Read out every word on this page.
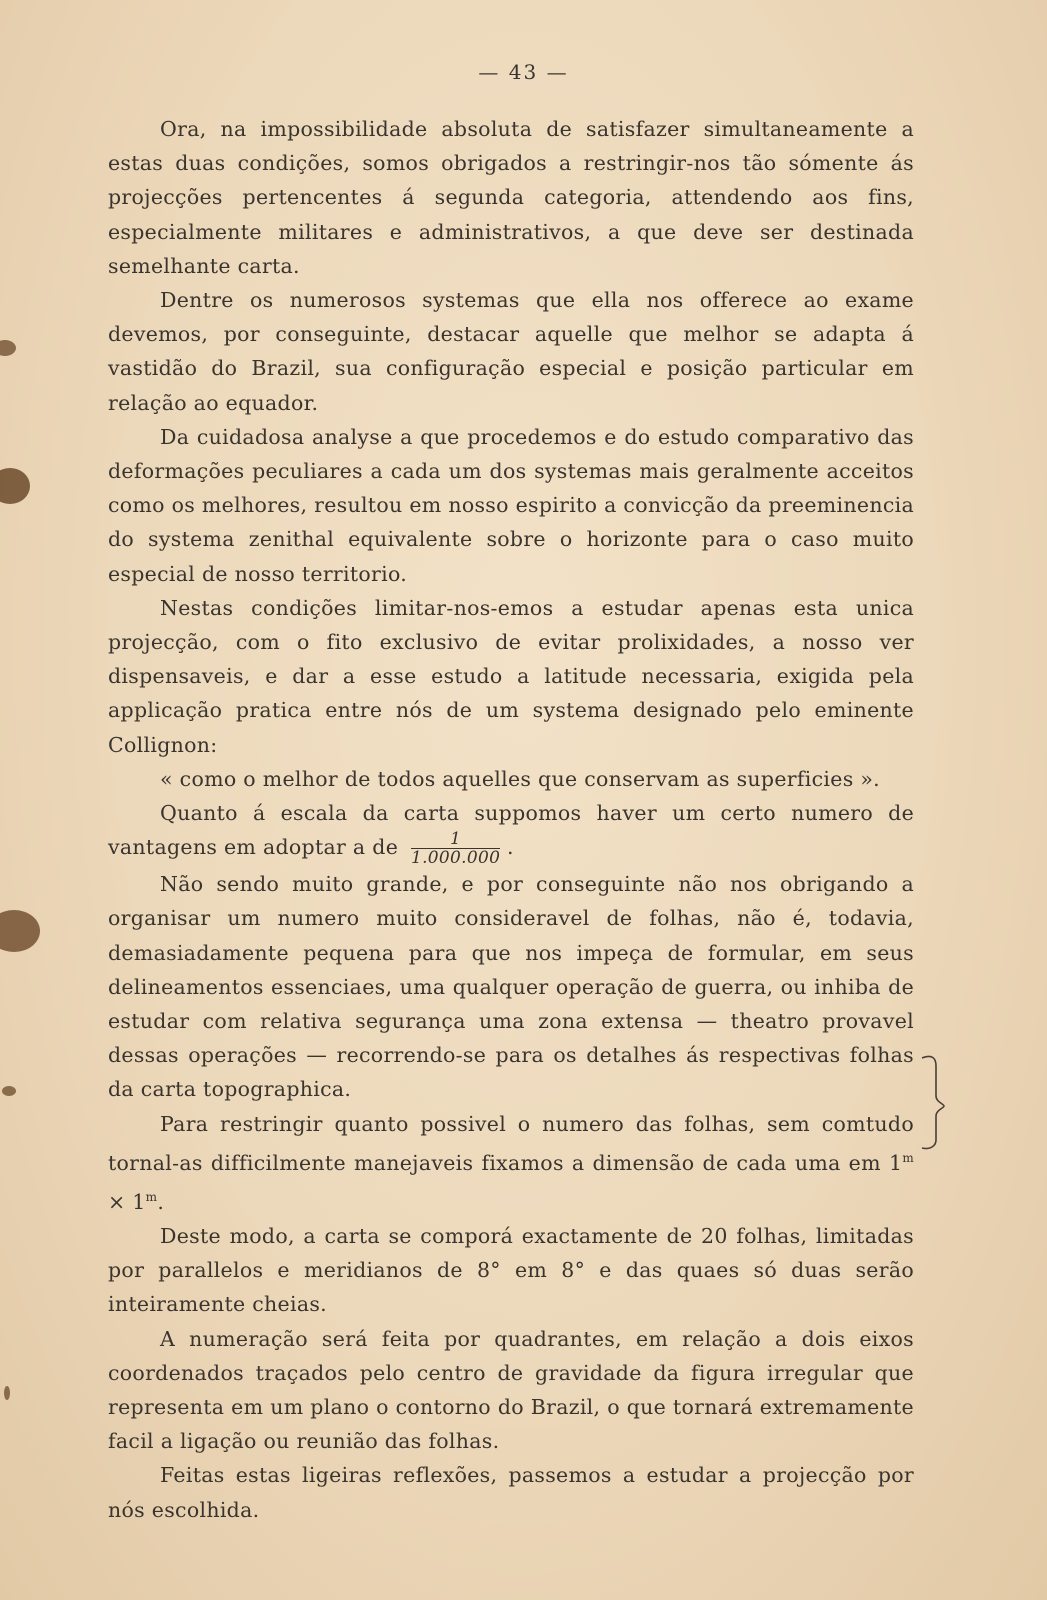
— 43 —

Ora, na impossibilidade absoluta de satisfazer simultaneamente a estas duas condições, somos obrigados a restringir-nos tão sómente ás projecções pertencentes á segunda categoria, attendendo aos fins, especialmente militares e administrativos, a que deve ser destinada semelhante carta.

Dentre os numerosos systemas que ella nos offerece ao exame devemos, por conseguinte, destacar aquelle que melhor se adapta á vastidão do Brazil, sua configuração especial e posição particular em relação ao equador.

Da cuidadosa analyse a que procedemos e do estudo comparativo das deformações peculiares a cada um dos systemas mais geralmente acceitos como os melhores, resultou em nosso espirito a convicção da preeminencia do systema zenithal equivalente sobre o horizonte para o caso muito especial de nosso territorio.

Nestas condições limitar-nos-emos a estudar apenas esta unica projecção, com o fito exclusivo de evitar prolixidades, a nosso ver dispensaveis, e dar a esse estudo a latitude necessaria, exigida pela applicação pratica entre nós de um systema designado pelo eminente Collignon:

« como o melhor de todos aquelles que conservam as superficies ».

Quanto á escala da carta suppomos haver um certo numero de vantagens em adoptar a de $\frac{1}{1.000.000}$ .

Não sendo muito grande, e por conseguinte não nos obrigando a organisar um numero muito consideravel de folhas, não é, todavia, demasiadamente pequena para que nos impeça de formular, em seus delineamentos essenciaes, uma qualquer operação de guerra, ou inhiba de estudar com relativa segurança uma zona extensa — theatro provavel dessas operações — recorrendo-se para os detalhes ás respectivas folhas da carta topographica.

Para restringir quanto possivel o numero das folhas, sem comtudo tornal-as difficilmente manejaveis fixamos a dimensão de cada uma em $1^m \times 1^m$.

Deste modo, a carta se comporá exactamente de 20 folhas, limitadas por parallelos e meridianos de 8° em 8° e das quaes só duas serão inteiramente cheias.

A numeração será feita por quadrantes, em relação a dois eixos coordenados traçados pelo centro de gravidade da figura irregular que representa em um plano o contorno do Brazil, o que tornará extremamente facil a ligação ou reunião das folhas.

Feitas estas ligeiras reflexões, passemos a estudar a projecção por nós escolhida.
